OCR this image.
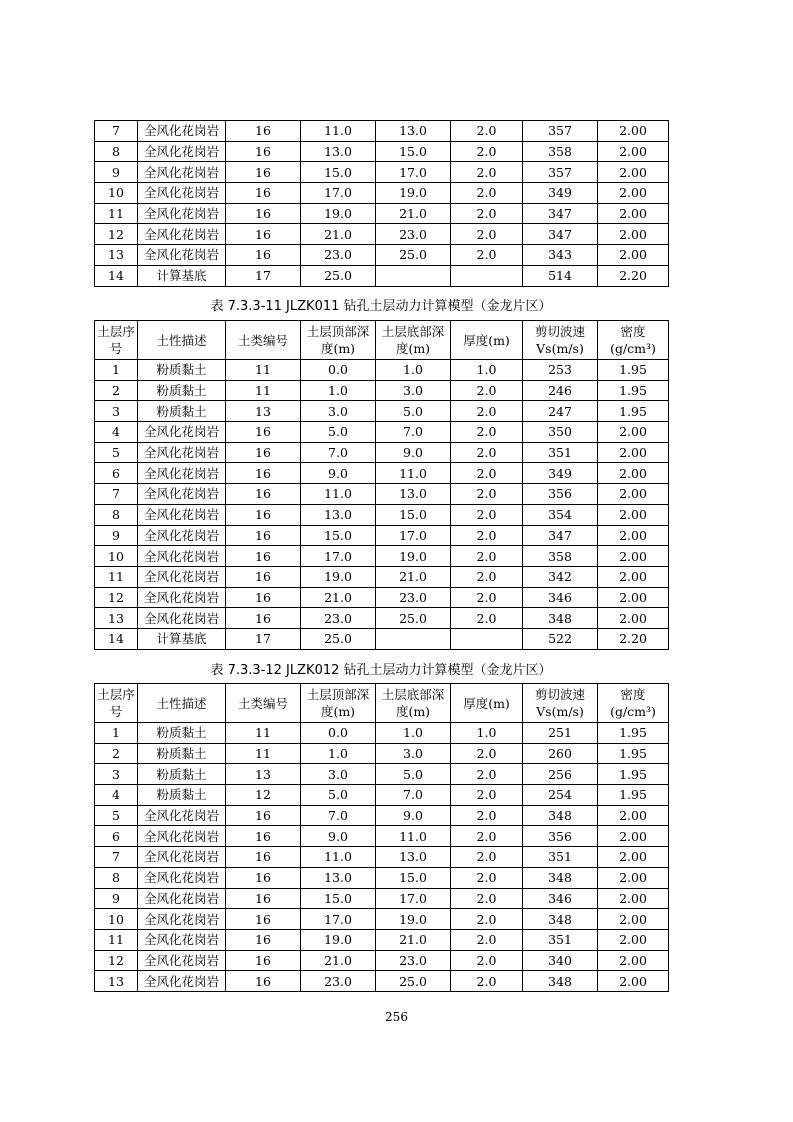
7	全风化花岗岩	16	11.0	13.0	2.0	357	2.00
8	全风化花岗岩	16	13.0	15.0	2.0	358	2.00
9	全风化花岗岩	16	15.0	17.0	2.0	357	2.00
10	全风化花岗岩	16	17.0	19.0	2.0	349	2.00
11	全风化花岗岩	16	19.0	21.0	2.0	347	2.00
12	全风化花岗岩	16	21.0	23.0	2.0	347	2.00
13	全风化花岗岩	16	23.0	25.0	2.0	343	2.00
14	计算基底	17	25.0			514	2.20
表 7.3.3-11 JLZK011 钻孔土层动力计算模型（金龙片区）
土层序号	土性描述	土类编号	土层顶部深度(m)	土层底部深度(m)	厚度(m)	剪切波速Vs(m/s)	密度(g/cm³)
1	粉质黏土	11	0.0	1.0	1.0	253	1.95
2	粉质黏土	11	1.0	3.0	2.0	246	1.95
3	粉质黏土	13	3.0	5.0	2.0	247	1.95
4	全风化花岗岩	16	5.0	7.0	2.0	350	2.00
5	全风化花岗岩	16	7.0	9.0	2.0	351	2.00
6	全风化花岗岩	16	9.0	11.0	2.0	349	2.00
7	全风化花岗岩	16	11.0	13.0	2.0	356	2.00
8	全风化花岗岩	16	13.0	15.0	2.0	354	2.00
9	全风化花岗岩	16	15.0	17.0	2.0	347	2.00
10	全风化花岗岩	16	17.0	19.0	2.0	358	2.00
11	全风化花岗岩	16	19.0	21.0	2.0	342	2.00
12	全风化花岗岩	16	21.0	23.0	2.0	346	2.00
13	全风化花岗岩	16	23.0	25.0	2.0	348	2.00
14	计算基底	17	25.0			522	2.20
表 7.3.3-12 JLZK012 钻孔土层动力计算模型（金龙片区）
土层序号	土性描述	土类编号	土层顶部深度(m)	土层底部深度(m)	厚度(m)	剪切波速Vs(m/s)	密度(g/cm³)
1	粉质黏土	11	0.0	1.0	1.0	251	1.95
2	粉质黏土	11	1.0	3.0	2.0	260	1.95
3	粉质黏土	13	3.0	5.0	2.0	256	1.95
4	粉质黏土	12	5.0	7.0	2.0	254	1.95
5	全风化花岗岩	16	7.0	9.0	2.0	348	2.00
6	全风化花岗岩	16	9.0	11.0	2.0	356	2.00
7	全风化花岗岩	16	11.0	13.0	2.0	351	2.00
8	全风化花岗岩	16	13.0	15.0	2.0	348	2.00
9	全风化花岗岩	16	15.0	17.0	2.0	346	2.00
10	全风化花岗岩	16	17.0	19.0	2.0	348	2.00
11	全风化花岗岩	16	19.0	21.0	2.0	351	2.00
12	全风化花岗岩	16	21.0	23.0	2.0	340	2.00
13	全风化花岗岩	16	23.0	25.0	2.0	348	2.00
256
